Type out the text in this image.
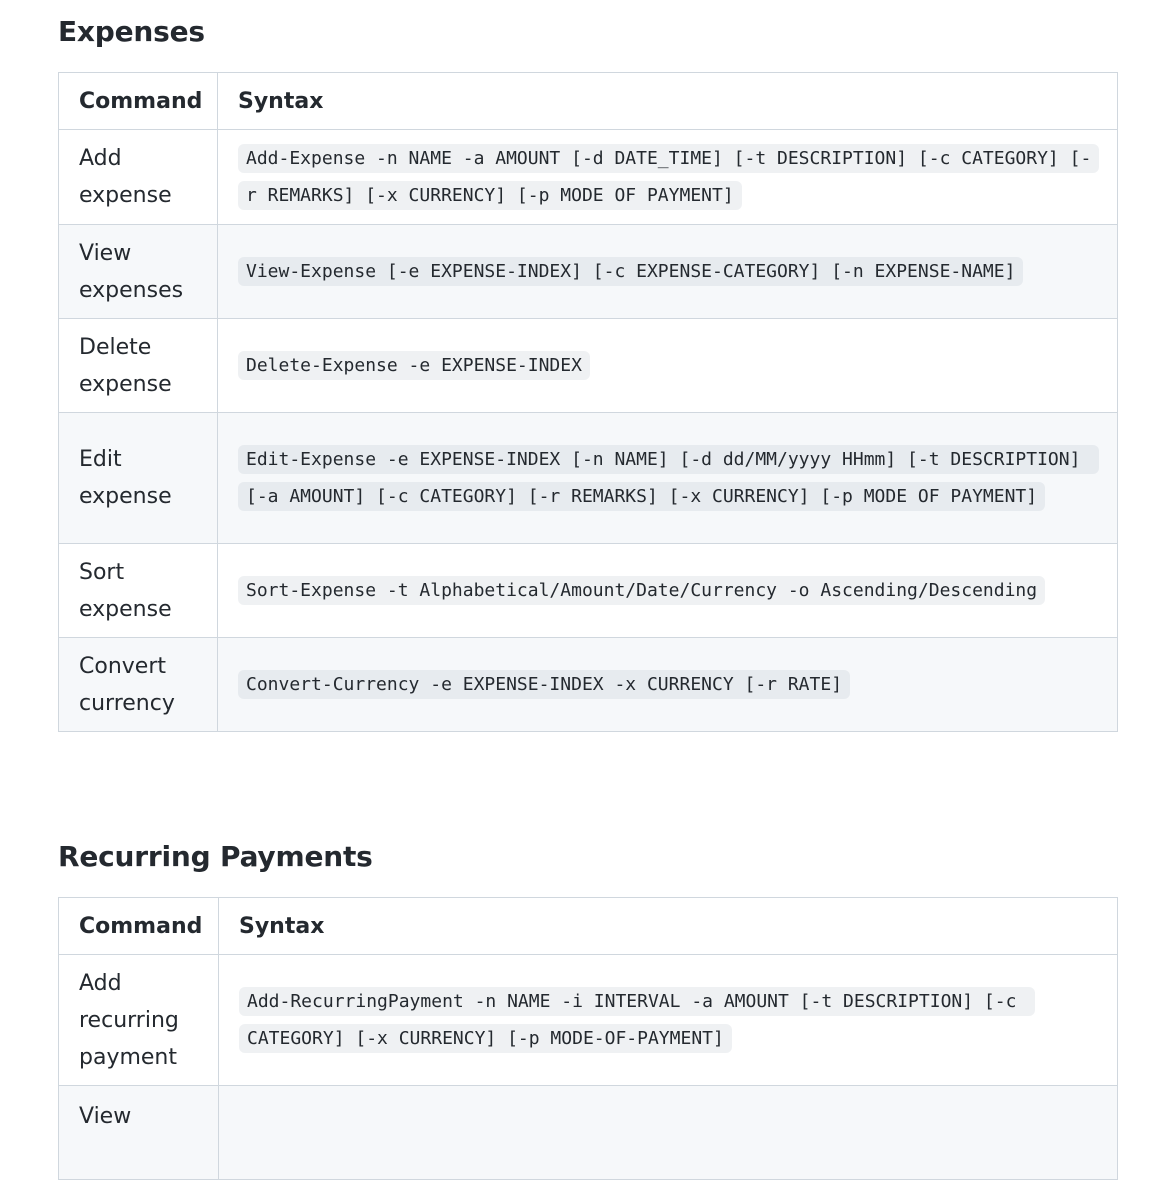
Expenses
Command	Syntax
Add expense	Add-Expense -n NAME -a AMOUNT [-d DATE_TIME] [-t DESCRIPTION] [-c CATEGORY] [-r REMARKS] [-x CURRENCY] [-p MODE OF PAYMENT]
View expenses	View-Expense [-e EXPENSE-INDEX] [-c EXPENSE-CATEGORY] [-n EXPENSE-NAME]
Delete expense	Delete-Expense -e EXPENSE-INDEX
Edit expense	Edit-Expense -e EXPENSE-INDEX [-n NAME] [-d dd/MM/yyyy HHmm] [-t DESCRIPTION] [-a AMOUNT] [-c CATEGORY] [-r REMARKS] [-x CURRENCY] [-p MODE OF PAYMENT]
Sort expense	Sort-Expense -t Alphabetical/Amount/Date/Currency -o Ascending/Descending
Convert currency	Convert-Currency -e EXPENSE-INDEX -x CURRENCY [-r RATE]
Recurring Payments
Command	Syntax
Add recurring payment	Add-RecurringPayment -n NAME -i INTERVAL -a AMOUNT [-t DESCRIPTION] [-c CATEGORY] [-x CURRENCY] [-p MODE-OF-PAYMENT]
View	
